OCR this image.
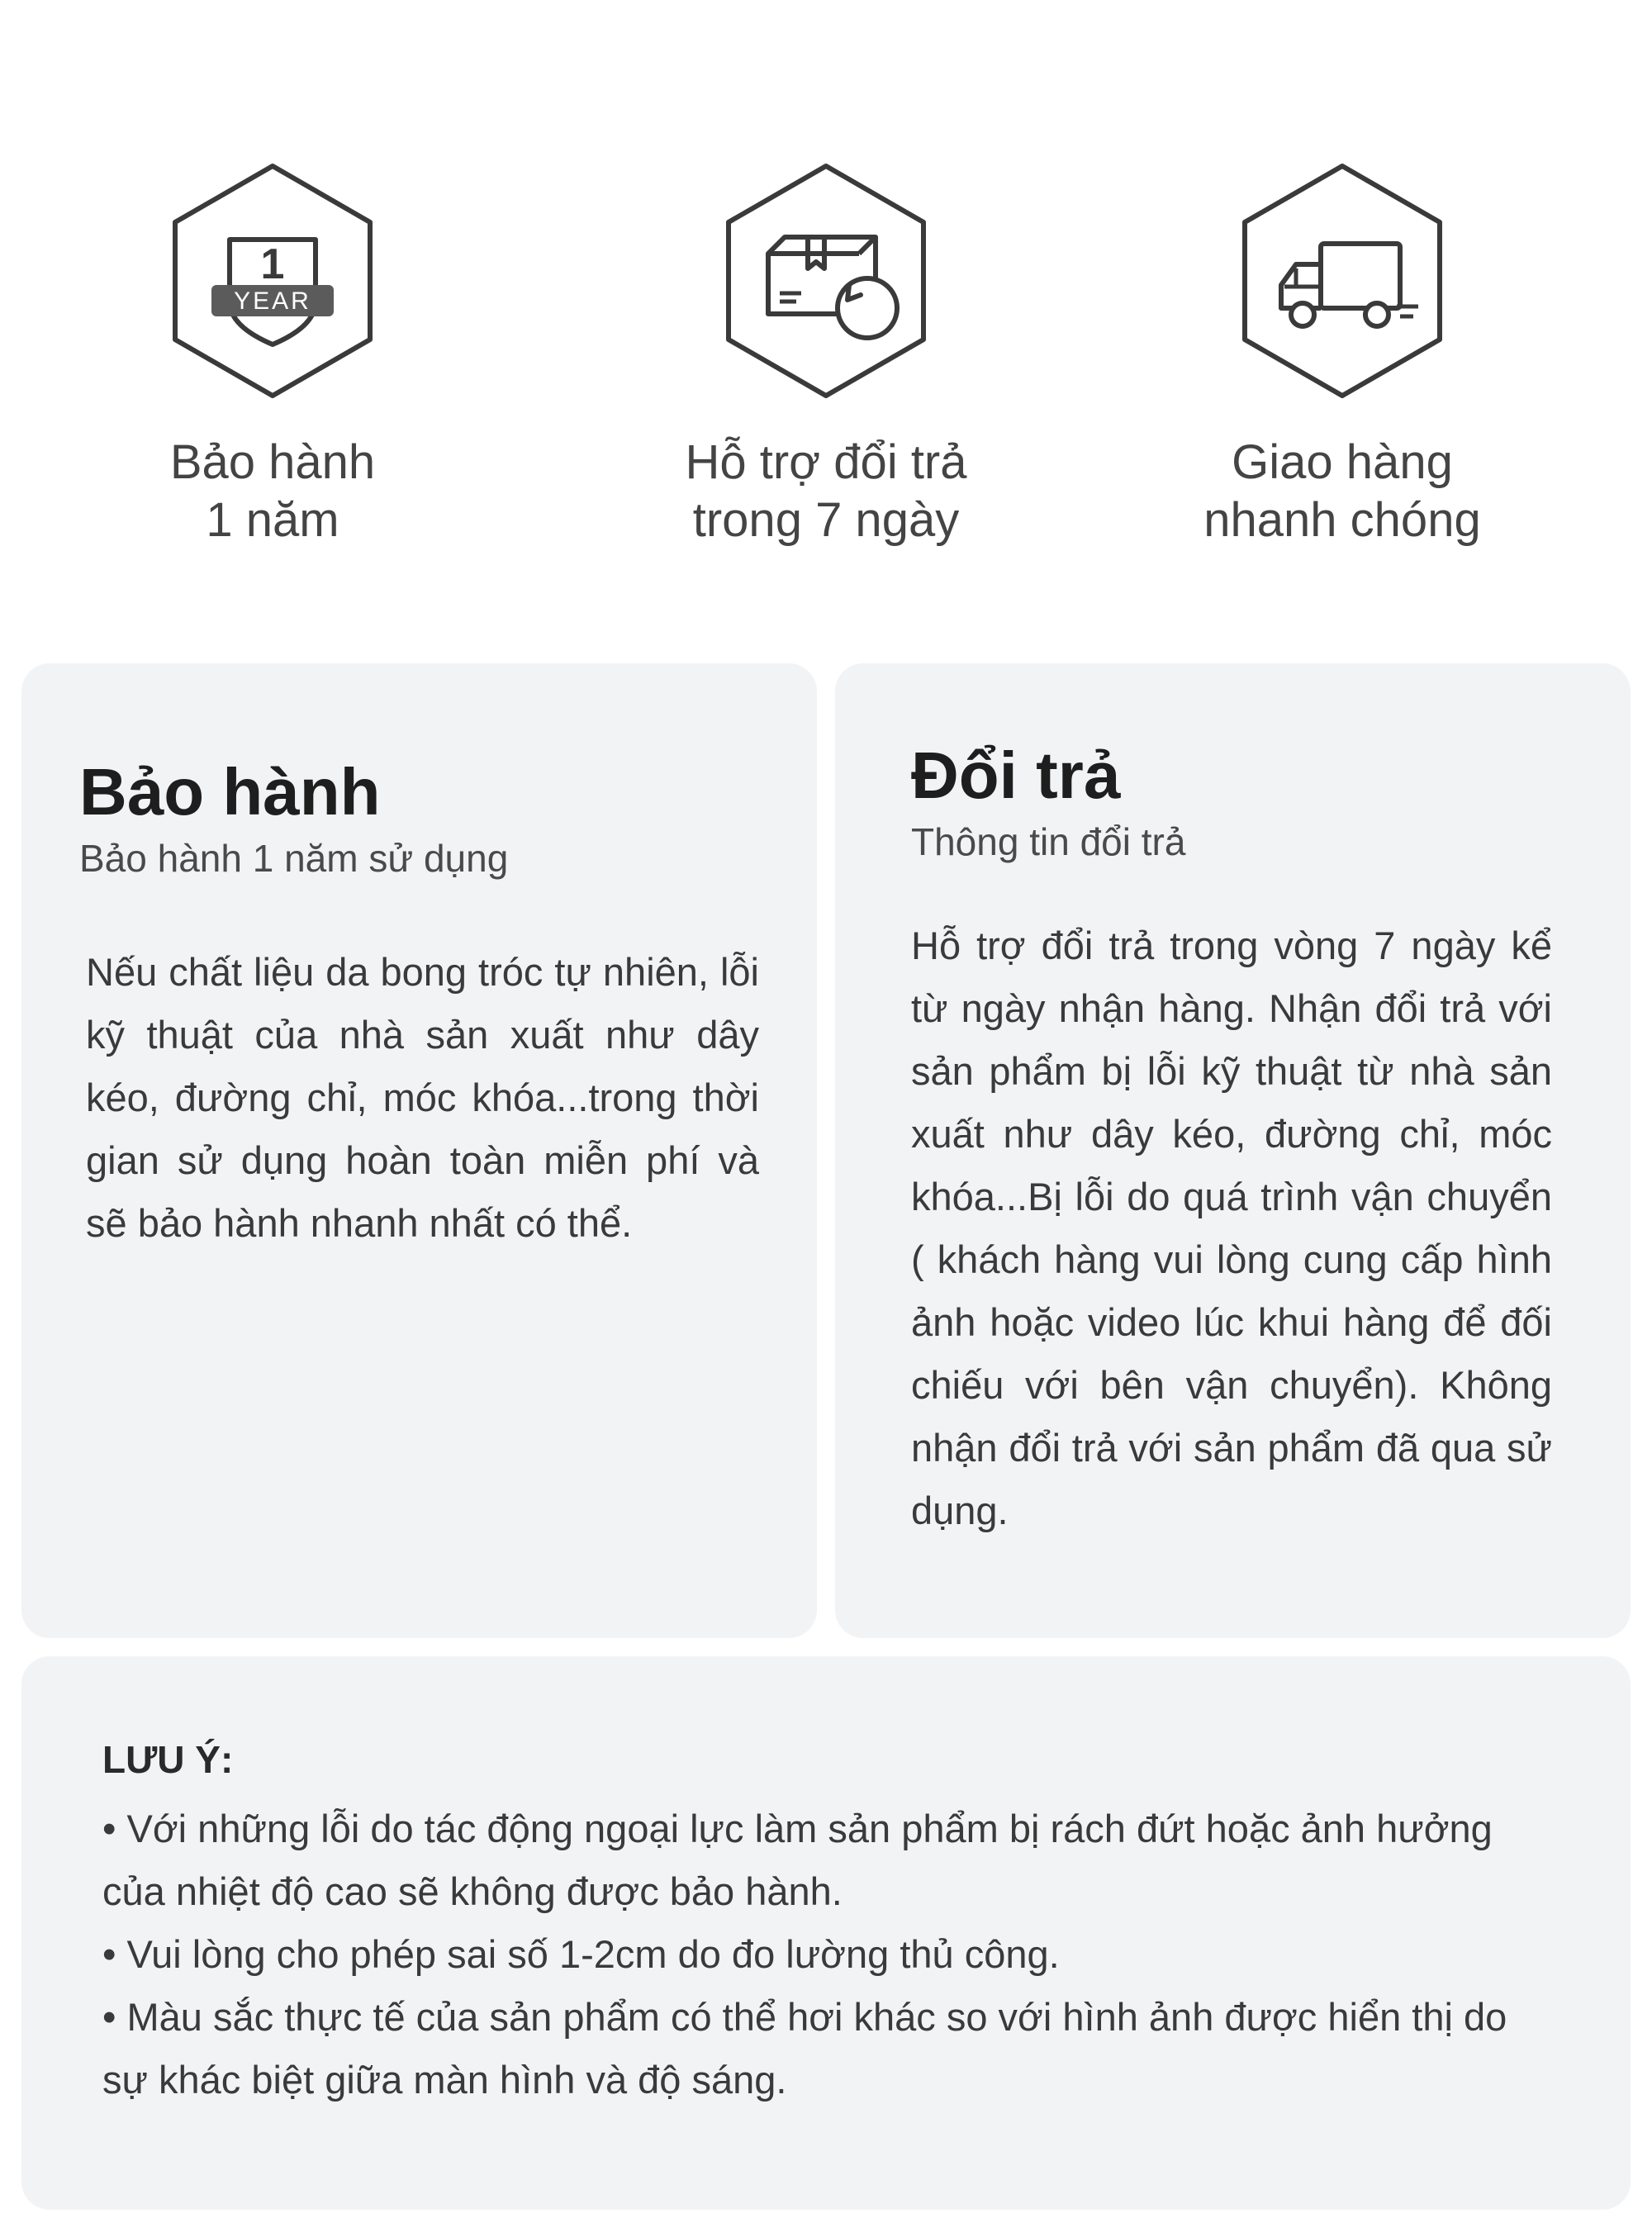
1
YEAR
Bảo hành
1 năm
Hỗ trợ đổi trả
trong 7 ngày
Giao hàng
nhanh chóng
Bảo hành

Bảo hành 1 năm sử dụng

Nếu chất liệu da bong tróc tự nhiên, lỗi kỹ thuật của nhà sản xuất như dây kéo, đường chỉ, móc khóa...trong thời gian sử dụng hoàn toàn miễn phí và sẽ bảo hành nhanh nhất có thể.
Đổi trả

Thông tin đổi trả

Hỗ trợ đổi trả trong vòng 7 ngày kể từ ngày nhận hàng. Nhận đổi trả với sản phẩm bị lỗi kỹ thuật từ nhà sản xuất như dây kéo, đường chỉ, móc khóa...Bị lỗi do quá trình vận chuyển ( khách hàng vui lòng cung cấp hình ảnh hoặc video lúc khui hàng để đối chiếu với bên vận chuyển). Không nhận đổi trả với sản phẩm đã qua sử dụng.

LƯU Ý:

• Với những lỗi do tác động ngoại lực làm sản phẩm bị rách đứt hoặc ảnh hưởng của nhiệt độ cao sẽ không được bảo hành.
• Vui lòng cho phép sai số 1-2cm do đo lường thủ công.
• Màu sắc thực tế của sản phẩm có thể hơi khác so với hình ảnh được hiển thị do sự khác biệt giữa màn hình và độ sáng.
